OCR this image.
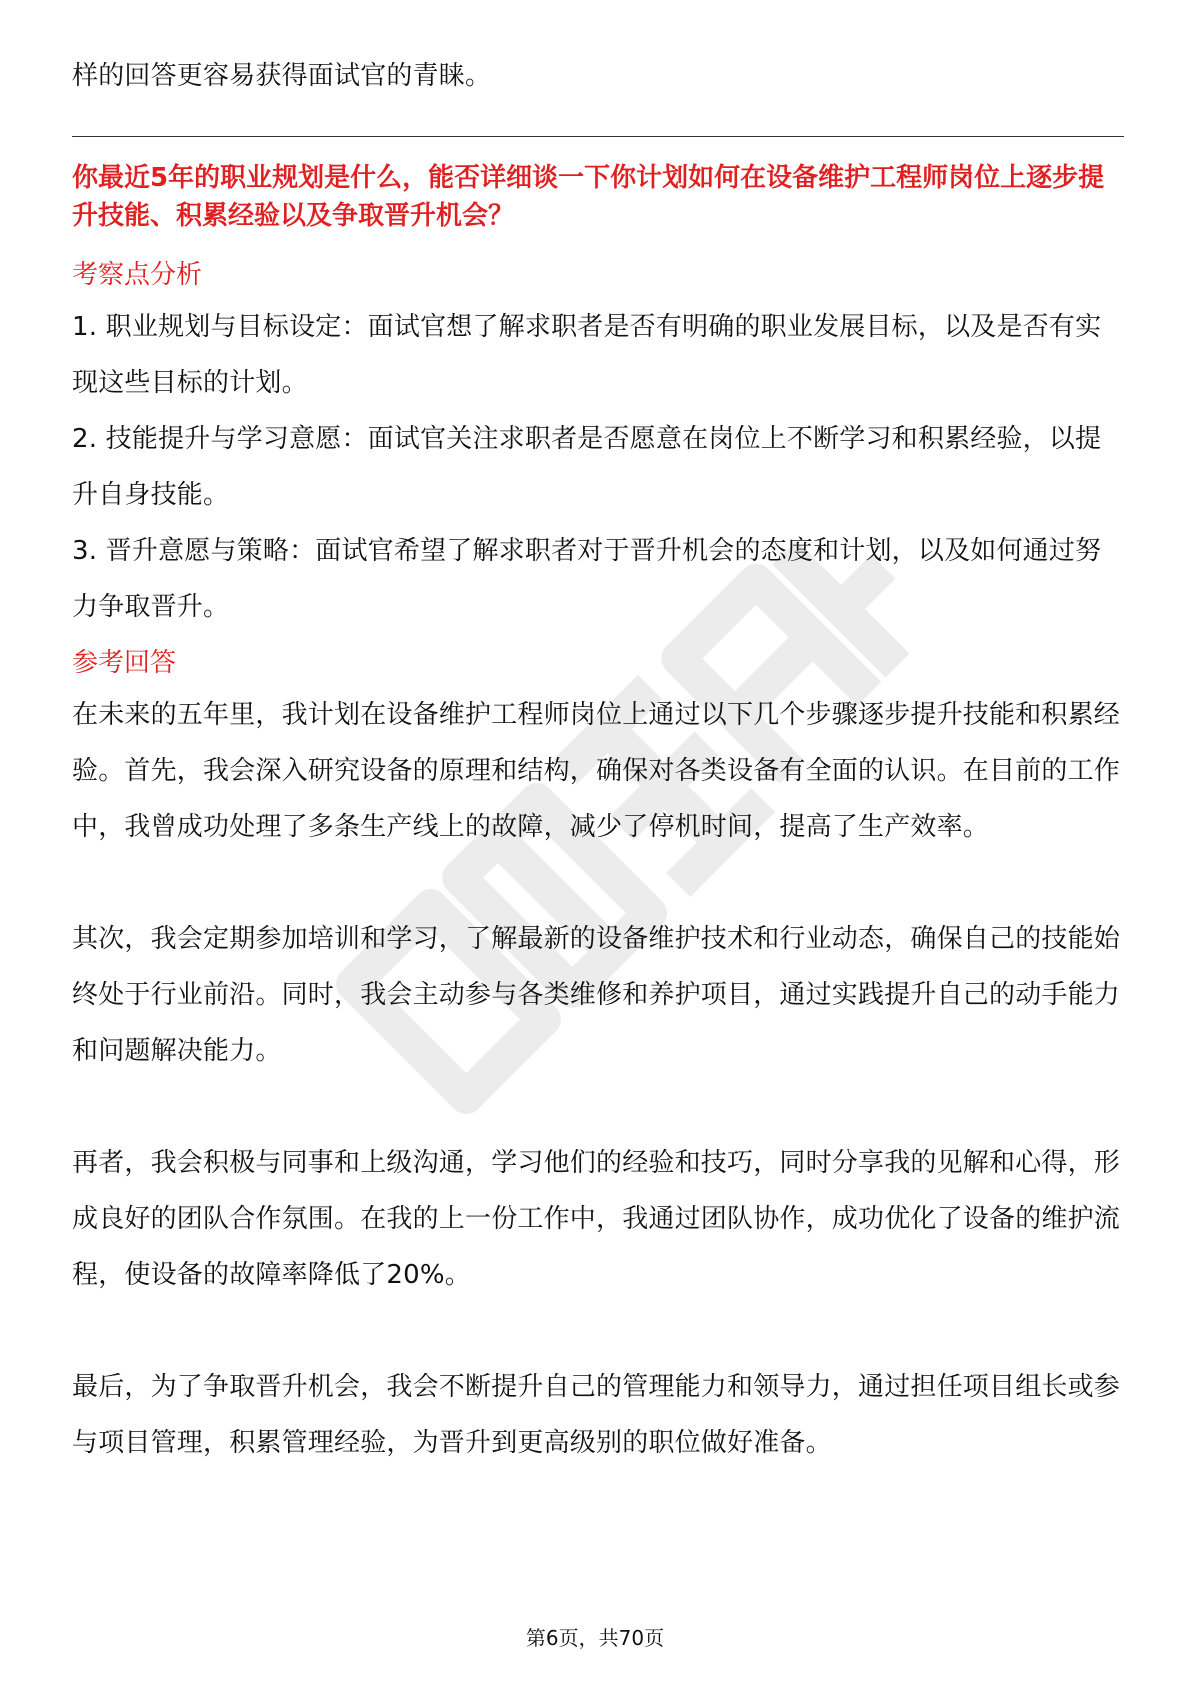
样的回答更容易获得面试官的青睐。

你最近5年的职业规划是什么，能否详细谈一下你计划如何在设备维护工程师岗位上逐步提升技能、积累经验以及争取晋升机会？

考察点分析

1. 职业规划与目标设定：面试官想了解求职者是否有明确的职业发展目标，以及是否有实现这些目标的计划。

2. 技能提升与学习意愿：面试官关注求职者是否愿意在岗位上不断学习和积累经验，以提升自身技能。

3. 晋升意愿与策略：面试官希望了解求职者对于晋升机会的态度和计划，以及如何通过努力争取晋升。

参考回答

在未来的五年里，我计划在设备维护工程师岗位上通过以下几个步骤逐步提升技能和积累经验。首先，我会深入研究设备的原理和结构，确保对各类设备有全面的认识。在目前的工作中，我曾成功处理了多条生产线上的故障，减少了停机时间，提高了生产效率。

其次，我会定期参加培训和学习，了解最新的设备维护技术和行业动态，确保自己的技能始终处于行业前沿。同时，我会主动参与各类维修和养护项目，通过实践提升自己的动手能力和问题解决能力。

再者，我会积极与同事和上级沟通，学习他们的经验和技巧，同时分享我的见解和心得，形成良好的团队合作氛围。在我的上一份工作中，我通过团队协作，成功优化了设备的维护流程，使设备的故障率降低了20%。

最后，为了争取晋升机会，我会不断提升自己的管理能力和领导力，通过担任项目组长或参与项目管理，积累管理经验，为晋升到更高级别的职位做好准备。

第6页，共70页
